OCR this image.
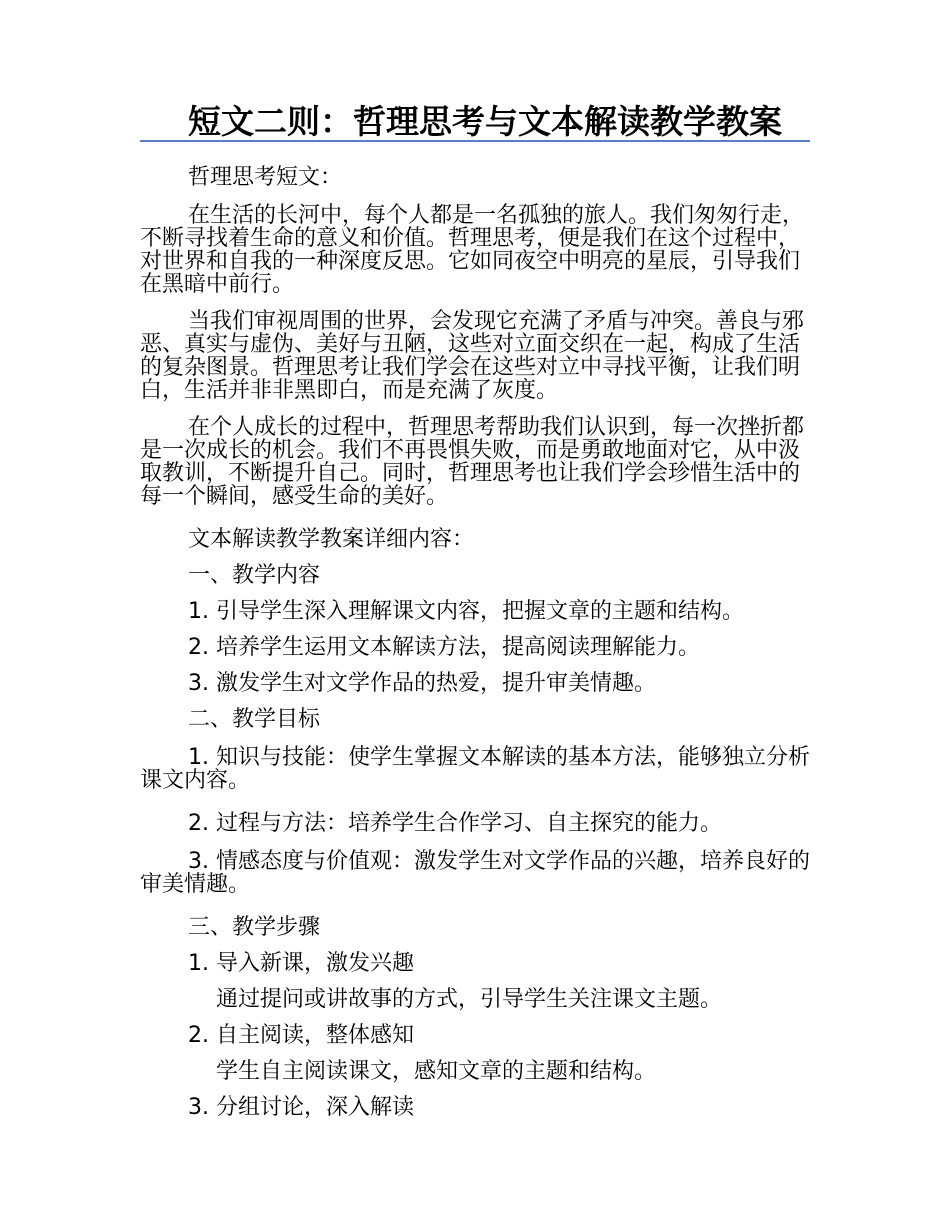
短文二则：哲理思考与文本解读教学教案

哲理思考短文：

在生活的长河中，每个人都是一名孤独的旅人。我们匆匆行走，不断寻找着生命的意义和价值。哲理思考，便是我们在这个过程中，对世界和自我的一种深度反思。它如同夜空中明亮的星辰，引导我们在黑暗中前行。

当我们审视周围的世界，会发现它充满了矛盾与冲突。善良与邪恶、真实与虚伪、美好与丑陋，这些对立面交织在一起，构成了生活的复杂图景。哲理思考让我们学会在这些对立中寻找平衡，让我们明白，生活并非非黑即白，而是充满了灰度。

在个人成长的过程中，哲理思考帮助我们认识到，每一次挫折都是一次成长的机会。我们不再畏惧失败，而是勇敢地面对它，从中汲取教训，不断提升自己。同时，哲理思考也让我们学会珍惜生活中的每一个瞬间，感受生命的美好。

文本解读教学教案详细内容：

一、教学内容

1. 引导学生深入理解课文内容，把握文章的主题和结构。

2. 培养学生运用文本解读方法，提高阅读理解能力。

3. 激发学生对文学作品的热爱，提升审美情趣。

二、教学目标

1. 知识与技能：使学生掌握文本解读的基本方法，能够独立分析课文内容。

2. 过程与方法：培养学生合作学习、自主探究的能力。

3. 情感态度与价值观：激发学生对文学作品的兴趣，培养良好的审美情趣。

三、教学步骤

1. 导入新课，激发兴趣

通过提问或讲故事的方式，引导学生关注课文主题。

2. 自主阅读，整体感知

学生自主阅读课文，感知文章的主题和结构。

3. 分组讨论，深入解读
